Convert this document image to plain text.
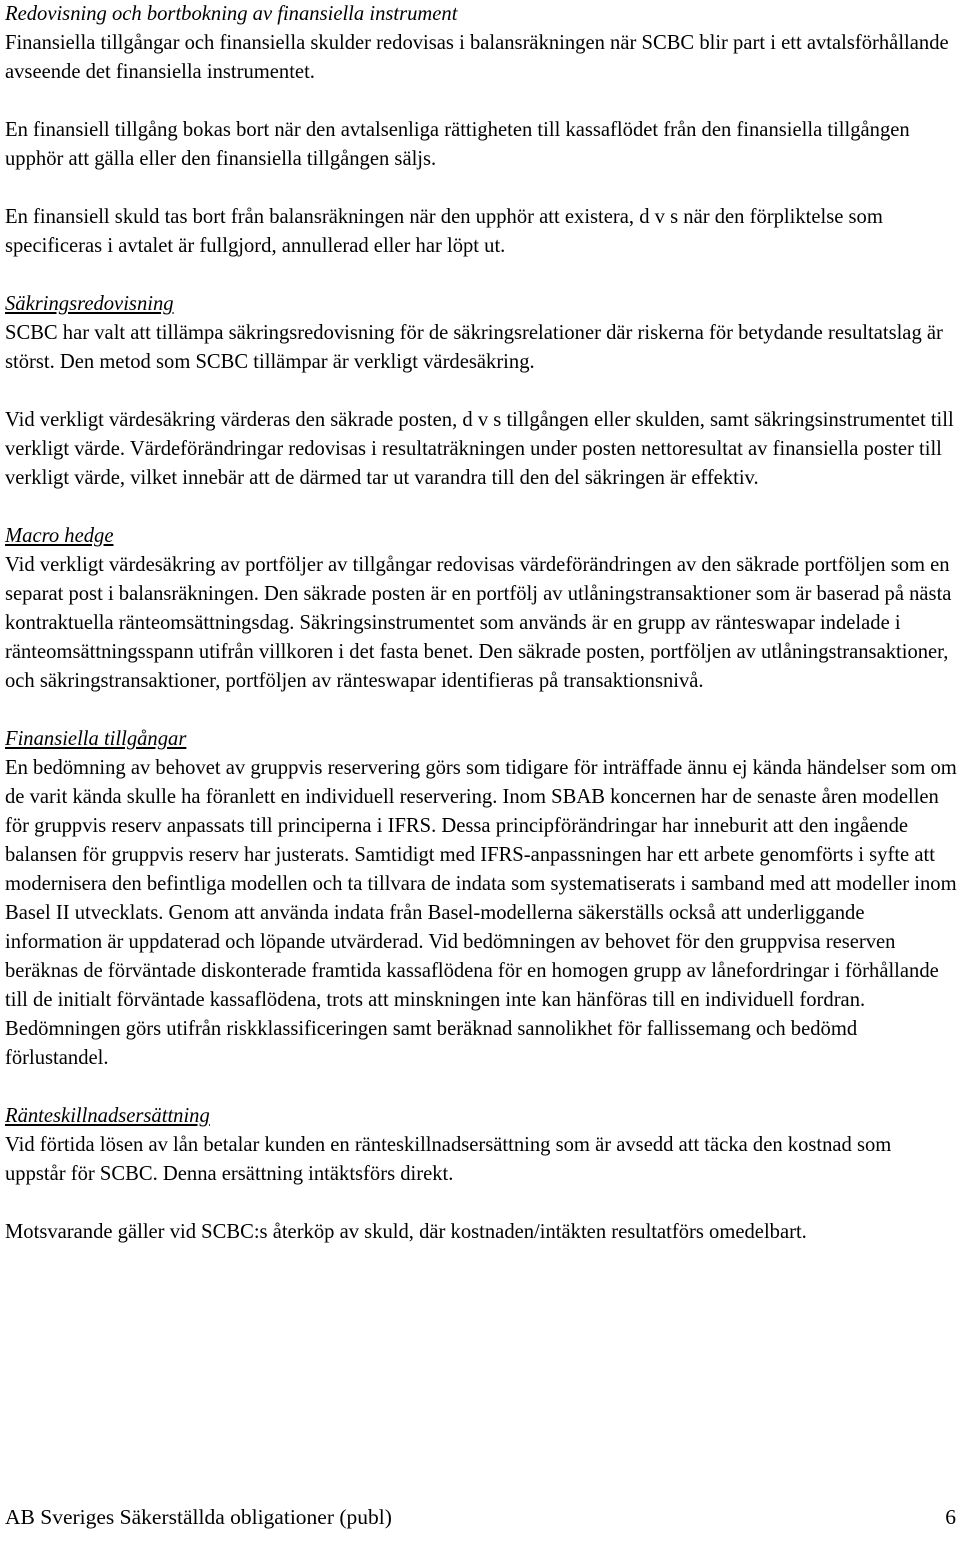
Redovisning och bortbokning av finansiella instrument

Finansiella tillgångar och finansiella skulder redovisas i balansräkningen när SCBC blir part i ett avtalsförhållande avseende det finansiella instrumentet.

En finansiell tillgång bokas bort när den avtalsenliga rättigheten till kassaflödet från den finansiella tillgången upphör att gälla eller den finansiella tillgången säljs.

En finansiell skuld tas bort från balansräkningen när den upphör att existera, d v s när den förpliktelse som specificeras i avtalet är fullgjord, annullerad eller har löpt ut.

Säkringsredovisning

SCBC har valt att tillämpa säkringsredovisning för de säkringsrelationer där riskerna för betydande resultatslag är störst. Den metod som SCBC tillämpar är verkligt värdesäkring.

Vid verkligt värdesäkring värderas den säkrade posten, d v s tillgången eller skulden, samt säkringsinstrumentet till verkligt värde. Värdeförändringar redovisas i resultaträkningen under posten nettoresultat av finansiella poster till verkligt värde, vilket innebär att de därmed tar ut varandra till den del säkringen är effektiv.

Macro hedge

Vid verkligt värdesäkring av portföljer av tillgångar redovisas värdeförändringen av den säkrade portföljen som en separat post i balansräkningen. Den säkrade posten är en portfölj av utlåningstransaktioner som är baserad på nästa kontraktuella ränteomsättningsdag. Säkringsinstrumentet som används är en grupp av ränteswapar indelade i ränteomsättningsspann utifrån villkoren i det fasta benet. Den säkrade posten, portföljen av utlåningstransaktioner, och säkringstransaktioner, portföljen av ränteswapar identifieras på transaktionsnivå.

Finansiella tillgångar

En bedömning av behovet av gruppvis reservering görs som tidigare för inträffade ännu ej kända händelser som om de varit kända skulle ha föranlett en individuell reservering. Inom SBAB koncernen har de senaste åren modellen för gruppvis reserv anpassats till principerna i IFRS. Dessa principförändringar har inneburit att den ingående balansen för gruppvis reserv har justerats. Samtidigt med IFRS-anpassningen har ett arbete genomförts i syfte att modernisera den befintliga modellen och ta tillvara de indata som systematiserats i samband med att modeller inom Basel II utvecklats. Genom att använda indata från Basel-modellerna säkerställs också att underliggande information är uppdaterad och löpande utvärderad. Vid bedömningen av behovet för den gruppvisa reserven beräknas de förväntade diskonterade framtida kassaflödena för en homogen grupp av lånefordringar i förhållande till de initialt förväntade kassaflödena, trots att minskningen inte kan hänföras till en individuell fordran. Bedömningen görs utifrån riskklassificeringen samt beräknad sannolikhet för fallissemang och bedömd förlustandel.

Ränteskillnadsersättning

Vid förtida lösen av lån betalar kunden en ränteskillnadsersättning som är avsedd att täcka den kostnad som uppstår för SCBC. Denna ersättning intäktsförs direkt.

Motsvarande gäller vid SCBC:s återköp av skuld, där kostnaden/intäkten resultatförs omedelbart.

AB Sveriges Säkerställda obligationer (publ)	6
